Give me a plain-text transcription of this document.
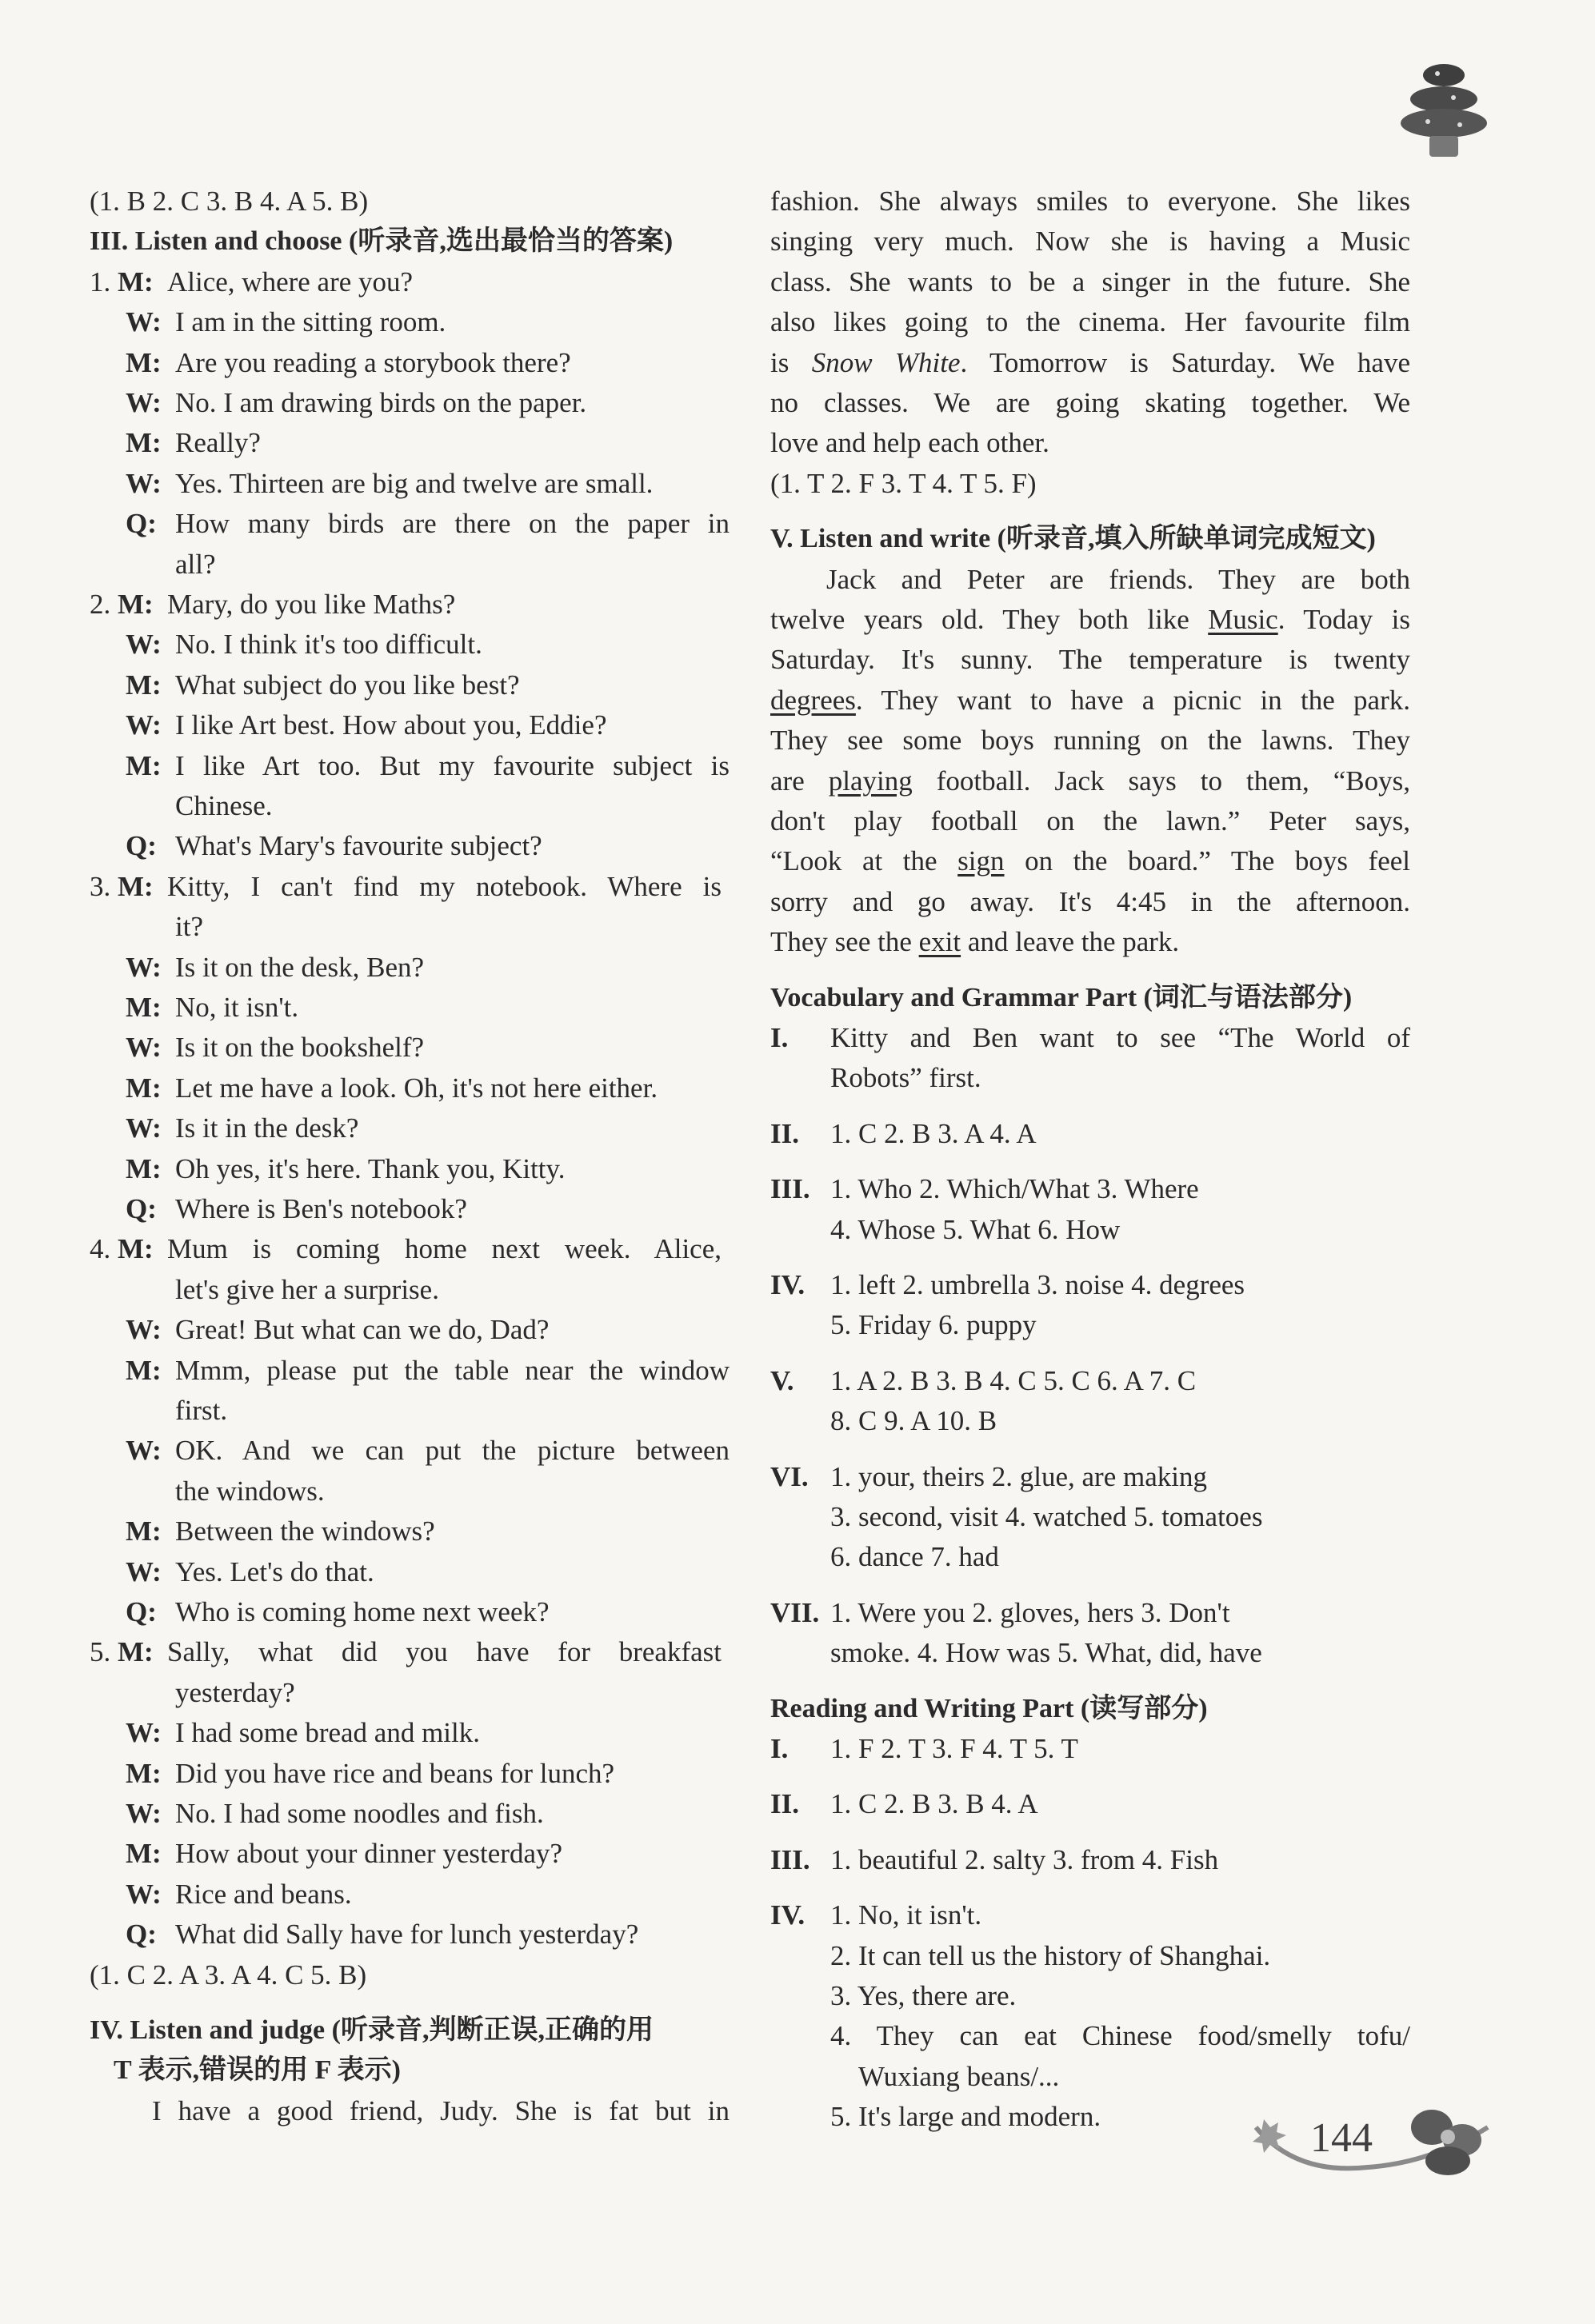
(1. B 2. C 3. B 4. A 5. B)
III. Listen and choose (听录音,选出最恰当的答案)
1. M: Alice, where are you?
W: I am in the sitting room.
M: Are you reading a storybook there?
W: No. I am drawing birds on the paper.
M: Really?
W: Yes. Thirteen are big and twelve are small.
Q: How many birds are there on the paper in
all?
2. M: Mary, do you like Maths?
W: No. I think it's too difficult.
M: What subject do you like best?
W: I like Art best. How about you, Eddie?
M: I like Art too. But my favourite subject is
Chinese.
Q: What's Mary's favourite subject?
3. M: Kitty, I can't find my notebook. Where is
it?
W: Is it on the desk, Ben?
M: No, it isn't.
W: Is it on the bookshelf?
M: Let me have a look. Oh, it's not here either.
W: Is it in the desk?
M: Oh yes, it's here. Thank you, Kitty.
Q: Where is Ben's notebook?
4. M: Mum is coming home next week. Alice,
let's give her a surprise.
W: Great! But what can we do, Dad?
M: Mmm, please put the table near the window
first.
W: OK. And we can put the picture between
the windows.
M: Between the windows?
W: Yes. Let's do that.
Q: Who is coming home next week?
5. M: Sally, what did you have for breakfast
yesterday?
W: I had some bread and milk.
M: Did you have rice and beans for lunch?
W: No. I had some noodles and fish.
M: How about your dinner yesterday?
W: Rice and beans.
Q: What did Sally have for lunch yesterday?
(1. C 2. A 3. A 4. C 5. B)
IV. Listen and judge (听录音,判断正误,正确的用
T 表示,错误的用 F 表示)
I have a good friend, Judy. She is fat but in
fashion. She always smiles to everyone. She likes
singing very much. Now she is having a Music
class. She wants to be a singer in the future. She
also likes going to the cinema. Her favourite film
is Snow White. Tomorrow is Saturday. We have
no classes. We are going skating together. We
love and help each other.
(1. T 2. F 3. T 4. T 5. F)
V. Listen and write (听录音,填入所缺单词完成短文)
Jack and Peter are friends. They are both
twelve years old. They both like Music. Today is
Saturday. It's sunny. The temperature is twenty
degrees. They want to have a picnic in the park.
They see some boys running on the lawns. They
are playing football. Jack says to them, “Boys,
don't play football on the lawn.” Peter says,
“Look at the sign on the board.” The boys feel
sorry and go away. It's 4:45 in the afternoon.
They see the exit and leave the park.
Vocabulary and Grammar Part (词汇与语法部分)
I. Kitty and Ben want to see “The World of
Robots” first.
II. 1. C 2. B 3. A 4. A
III. 1. Who 2. Which/What 3. Where
4. Whose 5. What 6. How
IV. 1. left 2. umbrella 3. noise 4. degrees
5. Friday 6. puppy
V. 1. A 2. B 3. B 4. C 5. C 6. A 7. C
8. C 9. A 10. B
VI. 1. your, theirs 2. glue, are making
3. second, visit 4. watched 5. tomatoes
6. dance 7. had
VII. 1. Were you 2. gloves, hers 3. Don't
smoke. 4. How was 5. What, did, have
Reading and Writing Part (读写部分)
I. 1. F 2. T 3. F 4. T 5. T
II. 1. C 2. B 3. B 4. A
III. 1. beautiful 2. salty 3. from 4. Fish
IV. 1. No, it isn't.
2. It can tell us the history of Shanghai.
3. Yes, there are.
4. They can eat Chinese food/smelly tofu/
Wuxiang beans/...
5. It's large and modern.	144
